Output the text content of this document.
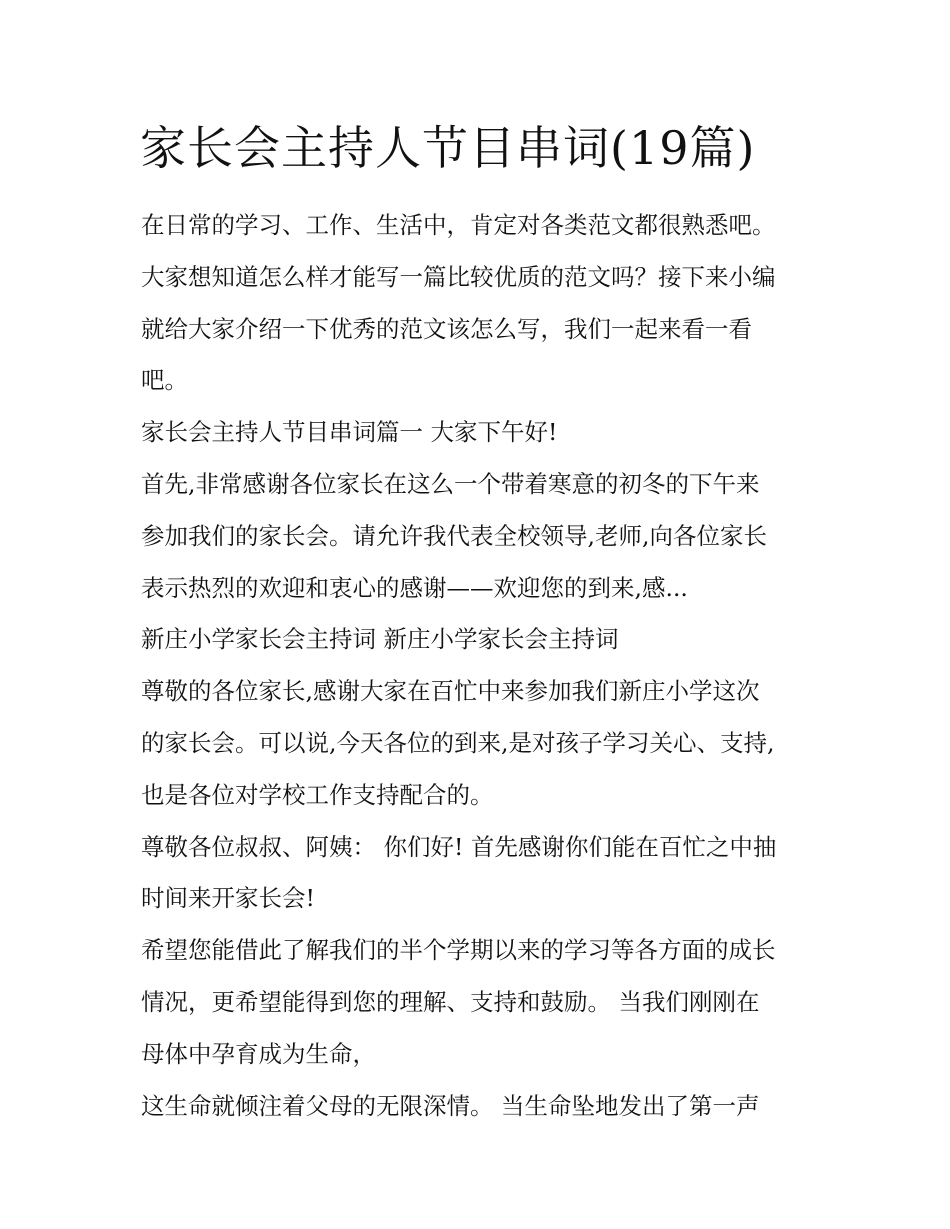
家长会主持人节目串词(19篇)
在日常的学习、工作、生活中，肯定对各类范文都很熟悉吧。
大家想知道怎么样才能写一篇比较优质的范文吗？接下来小编
就给大家介绍一下优秀的范文该怎么写，我们一起来看一看
吧。
家长会主持人节目串词篇一 大家下午好!
首先,非常感谢各位家长在这么一个带着寒意的初冬的下午来
参加我们的家长会。请允许我代表全校领导,老师,向各位家长
表示热烈的欢迎和衷心的感谢——欢迎您的到来,感...
新庄小学家长会主持词 新庄小学家长会主持词
尊敬的各位家长,感谢大家在百忙中来参加我们新庄小学这次
的家长会。可以说,今天各位的到来,是对孩子学习关心、支持,
也是各位对学校工作支持配合的。
尊敬各位叔叔、阿姨： 你们好! 首先感谢你们能在百忙之中抽
时间来开家长会!
希望您能借此了解我们的半个学期以来的学习等各方面的成长
情况，更希望能得到您的理解、支持和鼓励。 当我们刚刚在
母体中孕育成为生命，
这生命就倾注着父母的无限深情。 当生命坠地发出了第一声
